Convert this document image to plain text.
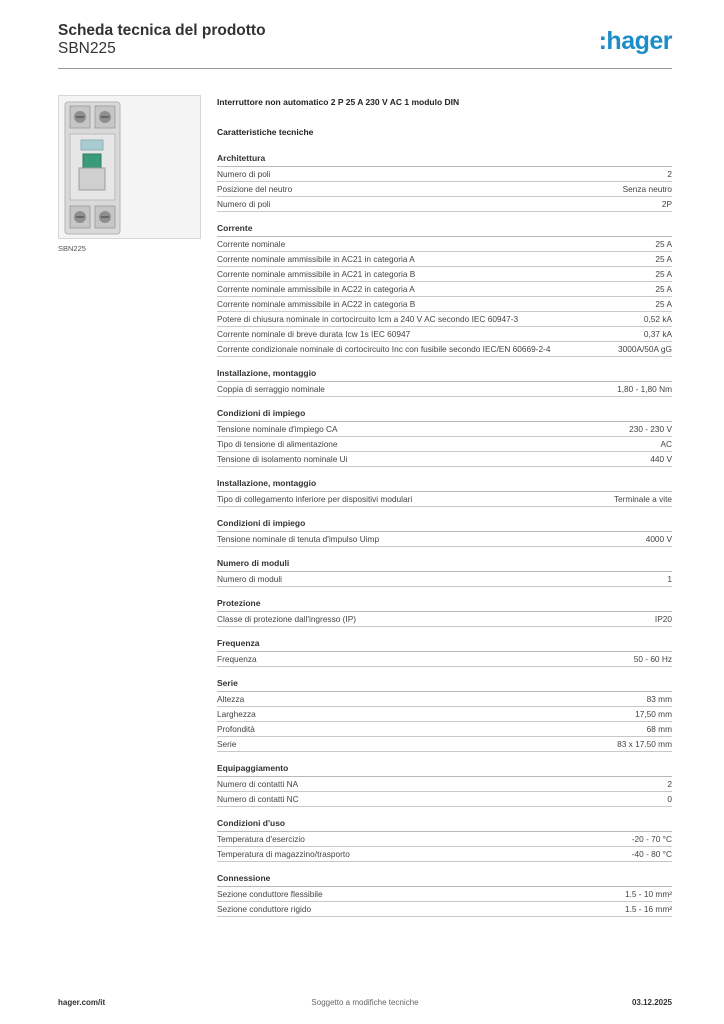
Scheda tecnica del prodotto
SBN225	:hager
SBN225
Interruttore non automatico 2 P 25 A 230 V AC 1 modulo DIN
Caratteristiche tecniche
Architettura
Numero di poli	2
Posizione del neutro	Senza neutro
Numero di poli	2P
Corrente
Corrente nominale	25 A
Corrente nominale ammissibile in AC21 in categoria A	25 A
Corrente nominale ammissibile in AC21 in categoria B	25 A
Corrente nominale ammissibile in AC22 in categoria A	25 A
Corrente nominale ammissibile in AC22 in categoria B	25 A
Potere di chiusura nominale in cortocircuito Icm a 240 V AC secondo IEC 60947-3	0,52 kA
Corrente nominale di breve durata Icw 1s IEC 60947	0,37 kA
Corrente condizionale nominale di cortocircuito Inc con fusibile secondo IEC/EN 60669-2-4	3000A/50A gG
Installazione, montaggio
Coppia di serraggio nominale	1,80 - 1,80 Nm
Condizioni di impiego
Tensione nominale d'impiego CA	230 - 230 V
Tipo di tensione di alimentazione	AC
Tensione di isolamento nominale Ui	440 V
Installazione, montaggio
Tipo di collegamento inferiore per dispositivi modulari	Terminale a vite
Condizioni di impiego
Tensione nominale di tenuta d'impulso Uimp	4000 V
Numero di moduli
Numero di moduli	1
Protezione
Classe di protezione dall'ingresso (IP)	IP20
Frequenza
Frequenza	50 - 60 Hz
Serie
Altezza	83 mm
Larghezza	17,50 mm
Profondità	68 mm
Serie	83 x 17.50 mm
Equipaggiamento
Numero di contatti NA	2
Numero di contatti NC	0
Condizioni d'uso
Temperatura d'esercizio	-20 - 70 °C
Temperatura di magazzino/trasporto	-40 - 80 °C
Connessione
Sezione conduttore flessibile	1.5 - 10 mm²
Sezione conduttore rigido	1.5 - 16 mm²
hager.com/it	Soggetto a modifiche tecniche	03.12.2025
